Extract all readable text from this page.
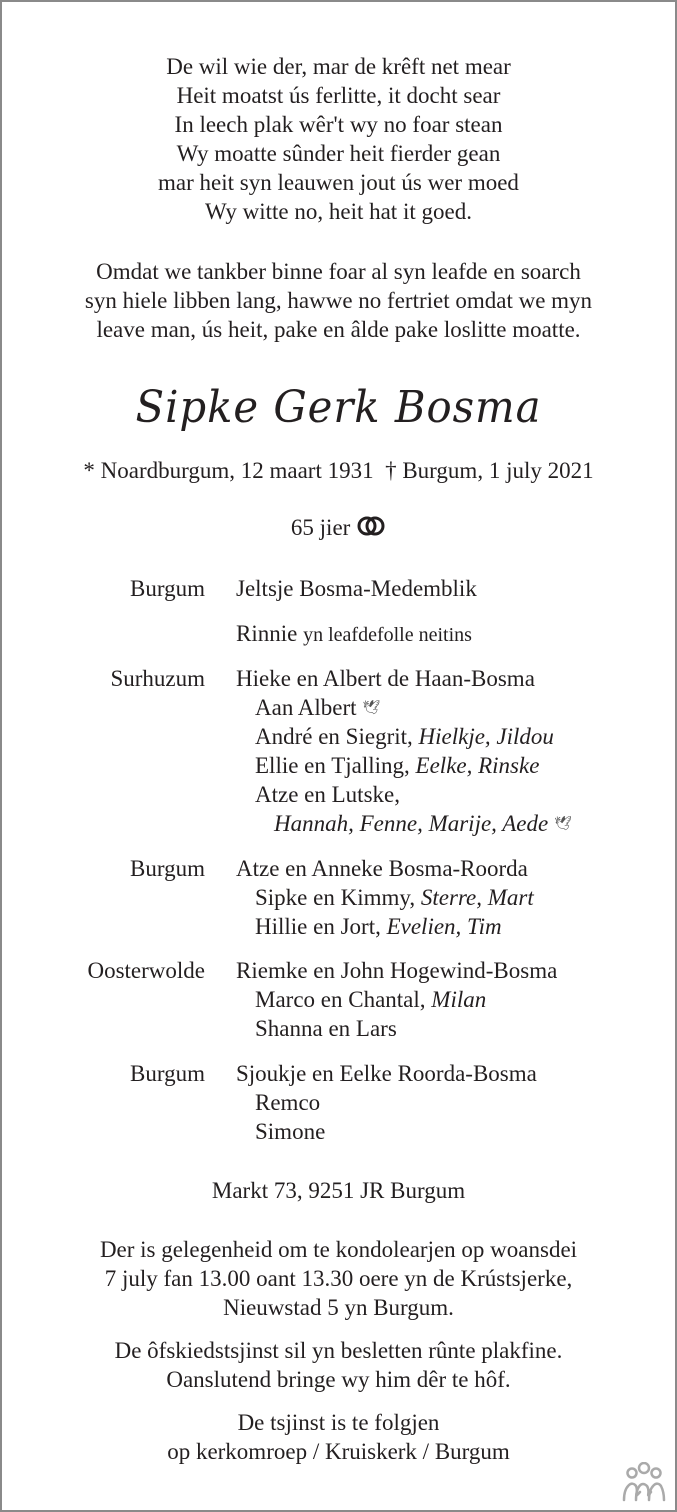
De wil wie der, mar de krêft net mear
Heit moatst ús ferlitte, it docht sear
In leech plak wêr't wy no foar stean
Wy moatte sûnder heit fierder gean
mar heit syn leauwen jout ús wer moed
Wy witte no, heit hat it goed.
Omdat we tankber binne foar al syn leafde en soarch
syn hiele libben lang, hawwe no fertriet omdat we myn
leave man, ús heit, pake en âlde pake loslitte moatte.
Sipke Gerk Bosma
* Noardburgum, 12 maart 1931 † Burgum, 1 july 2021
65 jier
Burgum Jeltsje Bosma-Medemblik
Rinnie yn leafdefolle neitins
Surhuzum Hieke en Albert de Haan-Bosma
Aan Albert 🕊
André en Siegrit, Hielkje, Jildou
Ellie en Tjalling, Eelke, Rinske
Atze en Lutske,
Hannah, Fenne, Marije, Aede 🕊
Burgum Atze en Anneke Bosma-Roorda
Sipke en Kimmy, Sterre, Mart
Hillie en Jort, Evelien, Tim
Oosterwolde Riemke en John Hogewind-Bosma
Marco en Chantal, Milan
Shanna en Lars
Burgum Sjoukje en Eelke Roorda-Bosma
Remco
Simone
Markt 73, 9251 JR Burgum
Der is gelegenheid om te kondolearjen op woansdei
7 july fan 13.00 oant 13.30 oere yn de Krústsjerke,
Nieuwstad 5 yn Burgum.
De ôfskiedstsjinst sil yn besletten rûnte plakfine.
Oanslutend bringe wy him dêr te hôf.
De tsjinst is te folgjen
op kerkomroep / Kruiskerk / Burgum
